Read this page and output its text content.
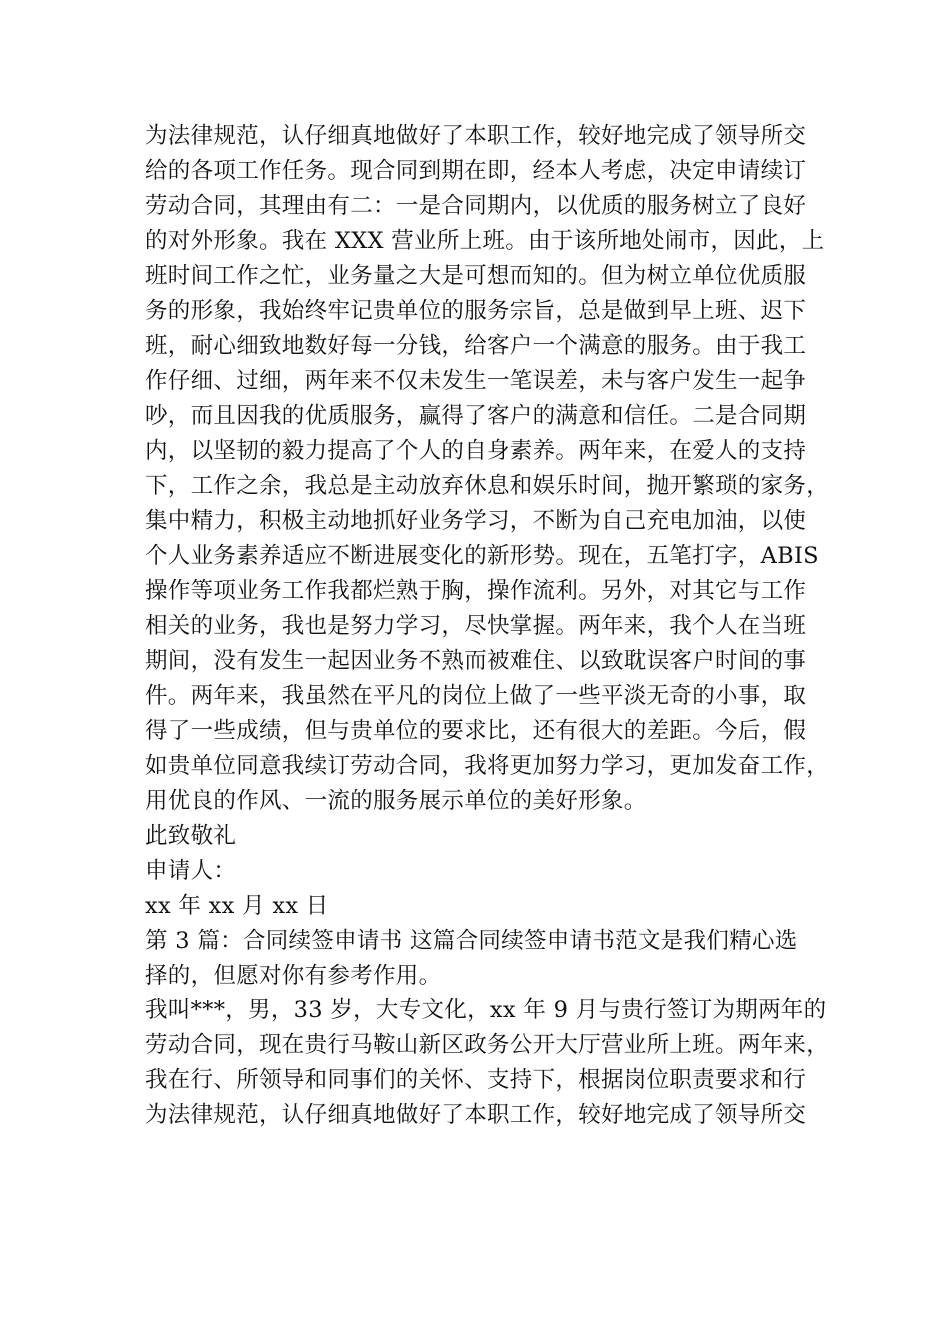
为法律规范，认仔细真地做好了本职工作，较好地完成了领导所交
给的各项工作任务。现合同到期在即，经本人考虑，决定申请续订
劳动合同，其理由有二：一是合同期内，以优质的服务树立了良好
的对外形象。我在 XXX 营业所上班。由于该所地处闹市，因此，上
班时间工作之忙，业务量之大是可想而知的。但为树立单位优质服
务的形象，我始终牢记贵单位的服务宗旨，总是做到早上班、迟下
班，耐心细致地数好每一分钱，给客户一个满意的服务。由于我工
作仔细、过细，两年来不仅未发生一笔误差，未与客户发生一起争
吵，而且因我的优质服务，赢得了客户的满意和信任。二是合同期
内，以坚韧的毅力提高了个人的自身素养。两年来，在爱人的支持
下，工作之余，我总是主动放弃休息和娱乐时间，抛开繁琐的家务，
集中精力，积极主动地抓好业务学习，不断为自己充电加油，以使
个人业务素养适应不断进展变化的新形势。现在，五笔打字，ABIS
操作等项业务工作我都烂熟于胸，操作流利。另外，对其它与工作
相关的业务，我也是努力学习，尽快掌握。两年来，我个人在当班
期间，没有发生一起因业务不熟而被难住、以致耽误客户时间的事
件。两年来，我虽然在平凡的岗位上做了一些平淡无奇的小事，取
得了一些成绩，但与贵单位的要求比，还有很大的差距。今后，假
如贵单位同意我续订劳动合同，我将更加努力学习，更加发奋工作，
用优良的作风、一流的服务展示单位的美好形象。
此致敬礼
申请人：
xx 年 xx 月 xx 日
第 3 篇：合同续签申请书 这篇合同续签申请书范文是我们精心选
择的，但愿对你有参考作用。
我叫***，男，33 岁，大专文化，xx 年 9 月与贵行签订为期两年的
劳动合同，现在贵行马鞍山新区政务公开大厅营业所上班。两年来，
我在行、所领导和同事们的关怀、支持下，根据岗位职责要求和行
为法律规范，认仔细真地做好了本职工作，较好地完成了领导所交
